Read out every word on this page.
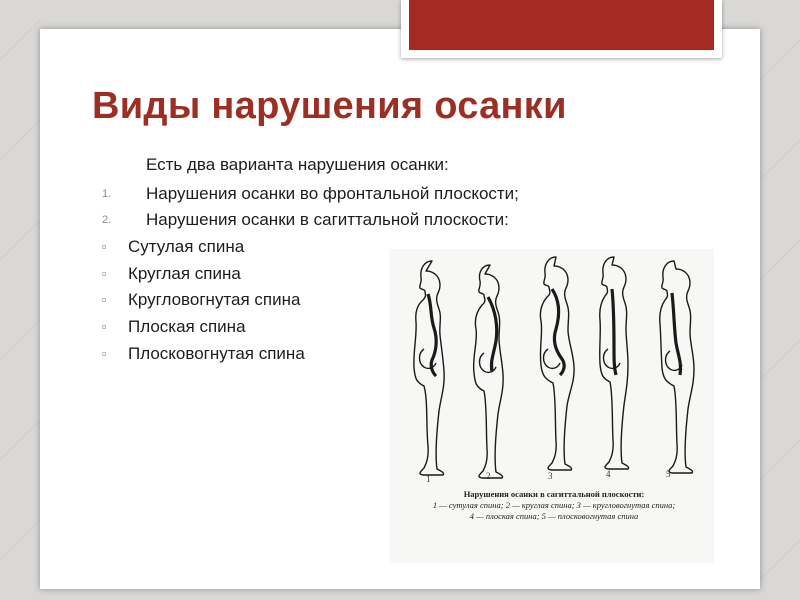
Виды нарушения осанки
Есть два варианта нарушения осанки:
1. Нарушения осанки во фронтальной плоскости;
2. Нарушения осанки в сагиттальной плоскости:
▫ Сутулая спина
▫ Круглая спина
▫ Кругловогнутая спина
▫ Плоская спина
▫ Плосковогнутая спина
1	2	3	4	5
Нарушения осанки в сагиттальной плоскости:
1 — сутулая спина; 2 — круглая спина; 3 — кругловогнутая спина;
4 — плоская спина; 5 — плосковогнутая спина
